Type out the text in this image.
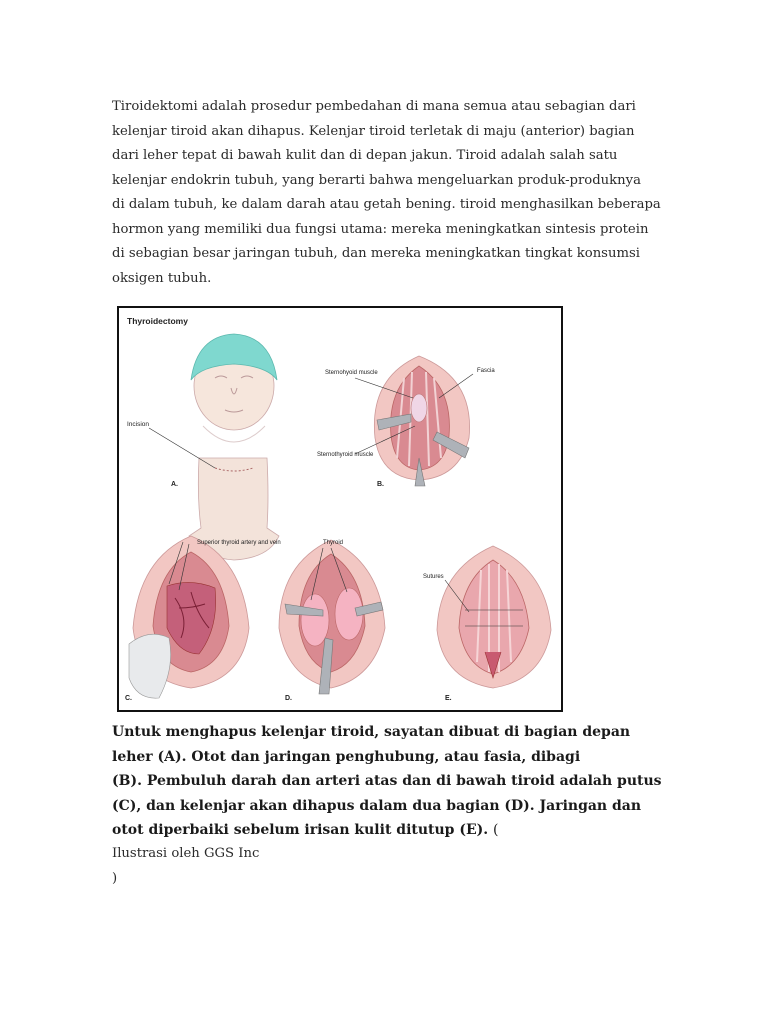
Tiroidektomi adalah prosedur pembedahan di mana semua atau sebagian dari
kelenjar tiroid akan dihapus. Kelenjar tiroid terletak di maju (anterior) bagian
dari leher tepat di bawah kulit dan di depan jakun. Tiroid adalah salah satu
kelenjar endokrin tubuh, yang berarti bahwa mengeluarkan produk-produknya
di dalam tubuh, ke dalam darah atau getah bening. tiroid menghasilkan beberapa
hormon yang memiliki dua fungsi utama: mereka meningkatkan sintesis protein
di sebagian besar jaringan tubuh, dan mereka meningkatkan tingkat konsumsi
oksigen tubuh.
Thyroidectomy
Incision
A.
Sternohyoid muscle	Fascia
Sternothyroid muscle
B.
Superior thyroid artery and vein
C.
Thyroid
D.
Sutures
E.
Untuk menghapus kelenjar tiroid, sayatan dibuat di bagian depan
leher (A). Otot dan jaringan penghubung, atau fasia, dibagi
(B). Pembuluh darah dan arteri atas dan di bawah tiroid adalah putus
(C), dan kelenjar akan dihapus dalam dua bagian (D). Jaringan dan
otot diperbaiki sebelum irisan kulit ditutup (E). (
Ilustrasi oleh GGS Inc
)
